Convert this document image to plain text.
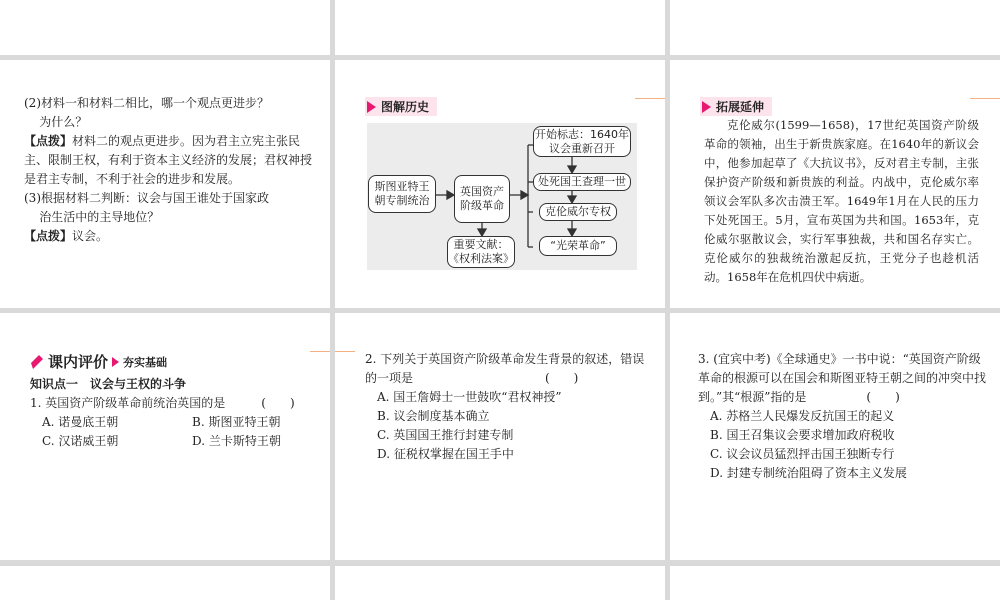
(2)材料一和材料二相比，哪一个观点更进步？
为什么？
【点拨】材料二的观点更进步。因为君主立宪主张民主、限制王权，有利于资本主义经济的发展；君权神授是君主专制，不利于社会的进步和发展。
(3)根据材料二判断：议会与国王谁处于国家政
治生活中的主导地位？
【点拨】议会。
图解历史
斯图亚特王
朝专制统治
英国资产
阶级革命
开始标志：1640年
议会重新召开
处死国王查理一世
克伦威尔专权
“光荣革命”
重要文献：
《权利法案》
拓展延伸
克伦威尔(1599—1658)，17世纪英国资产阶级革命的领袖，出生于新贵族家庭。在1640年的新议会中，他参加起草了《大抗议书》，反对君主专制，主张保护资产阶级和新贵族的利益。内战中，克伦威尔率领议会军队多次击溃王军。1649年1月在人民的压力下处死国王。5月，宣布英国为共和国。1653年，克伦威尔驱散议会，实行军事独裁，共和国名存实亡。克伦威尔的独裁统治激起反抗，王党分子也趁机活动。1658年在危机四伏中病逝。
课内评价 夯实基础
知识点一　议会与王权的斗争
1. 英国资产阶级革命前统治英国的是　　　(　　)
A. 诺曼底王朝	B. 斯图亚特王朝
C. 汉诺威王朝	D. 兰卡斯特王朝
2. 下列关于英国资产阶级革命发生背景的叙述，错误的一项是　　　　　　　　　　　(　　)
A. 国王詹姆士一世鼓吹“君权神授”
B. 议会制度基本确立
C. 英国国王推行封建专制
D. 征税权掌握在国王手中
3. (宜宾中考)《全球通史》一书中说：“英国资产阶级革命的根源可以在国会和斯图亚特王朝之间的冲突中找到。”其“根源”指的是　　　　　(　　)
A. 苏格兰人民爆发反抗国王的起义
B. 国王召集议会要求增加政府税收
C. 议会议员猛烈抨击国王独断专行
D. 封建专制统治阻碍了资本主义发展
